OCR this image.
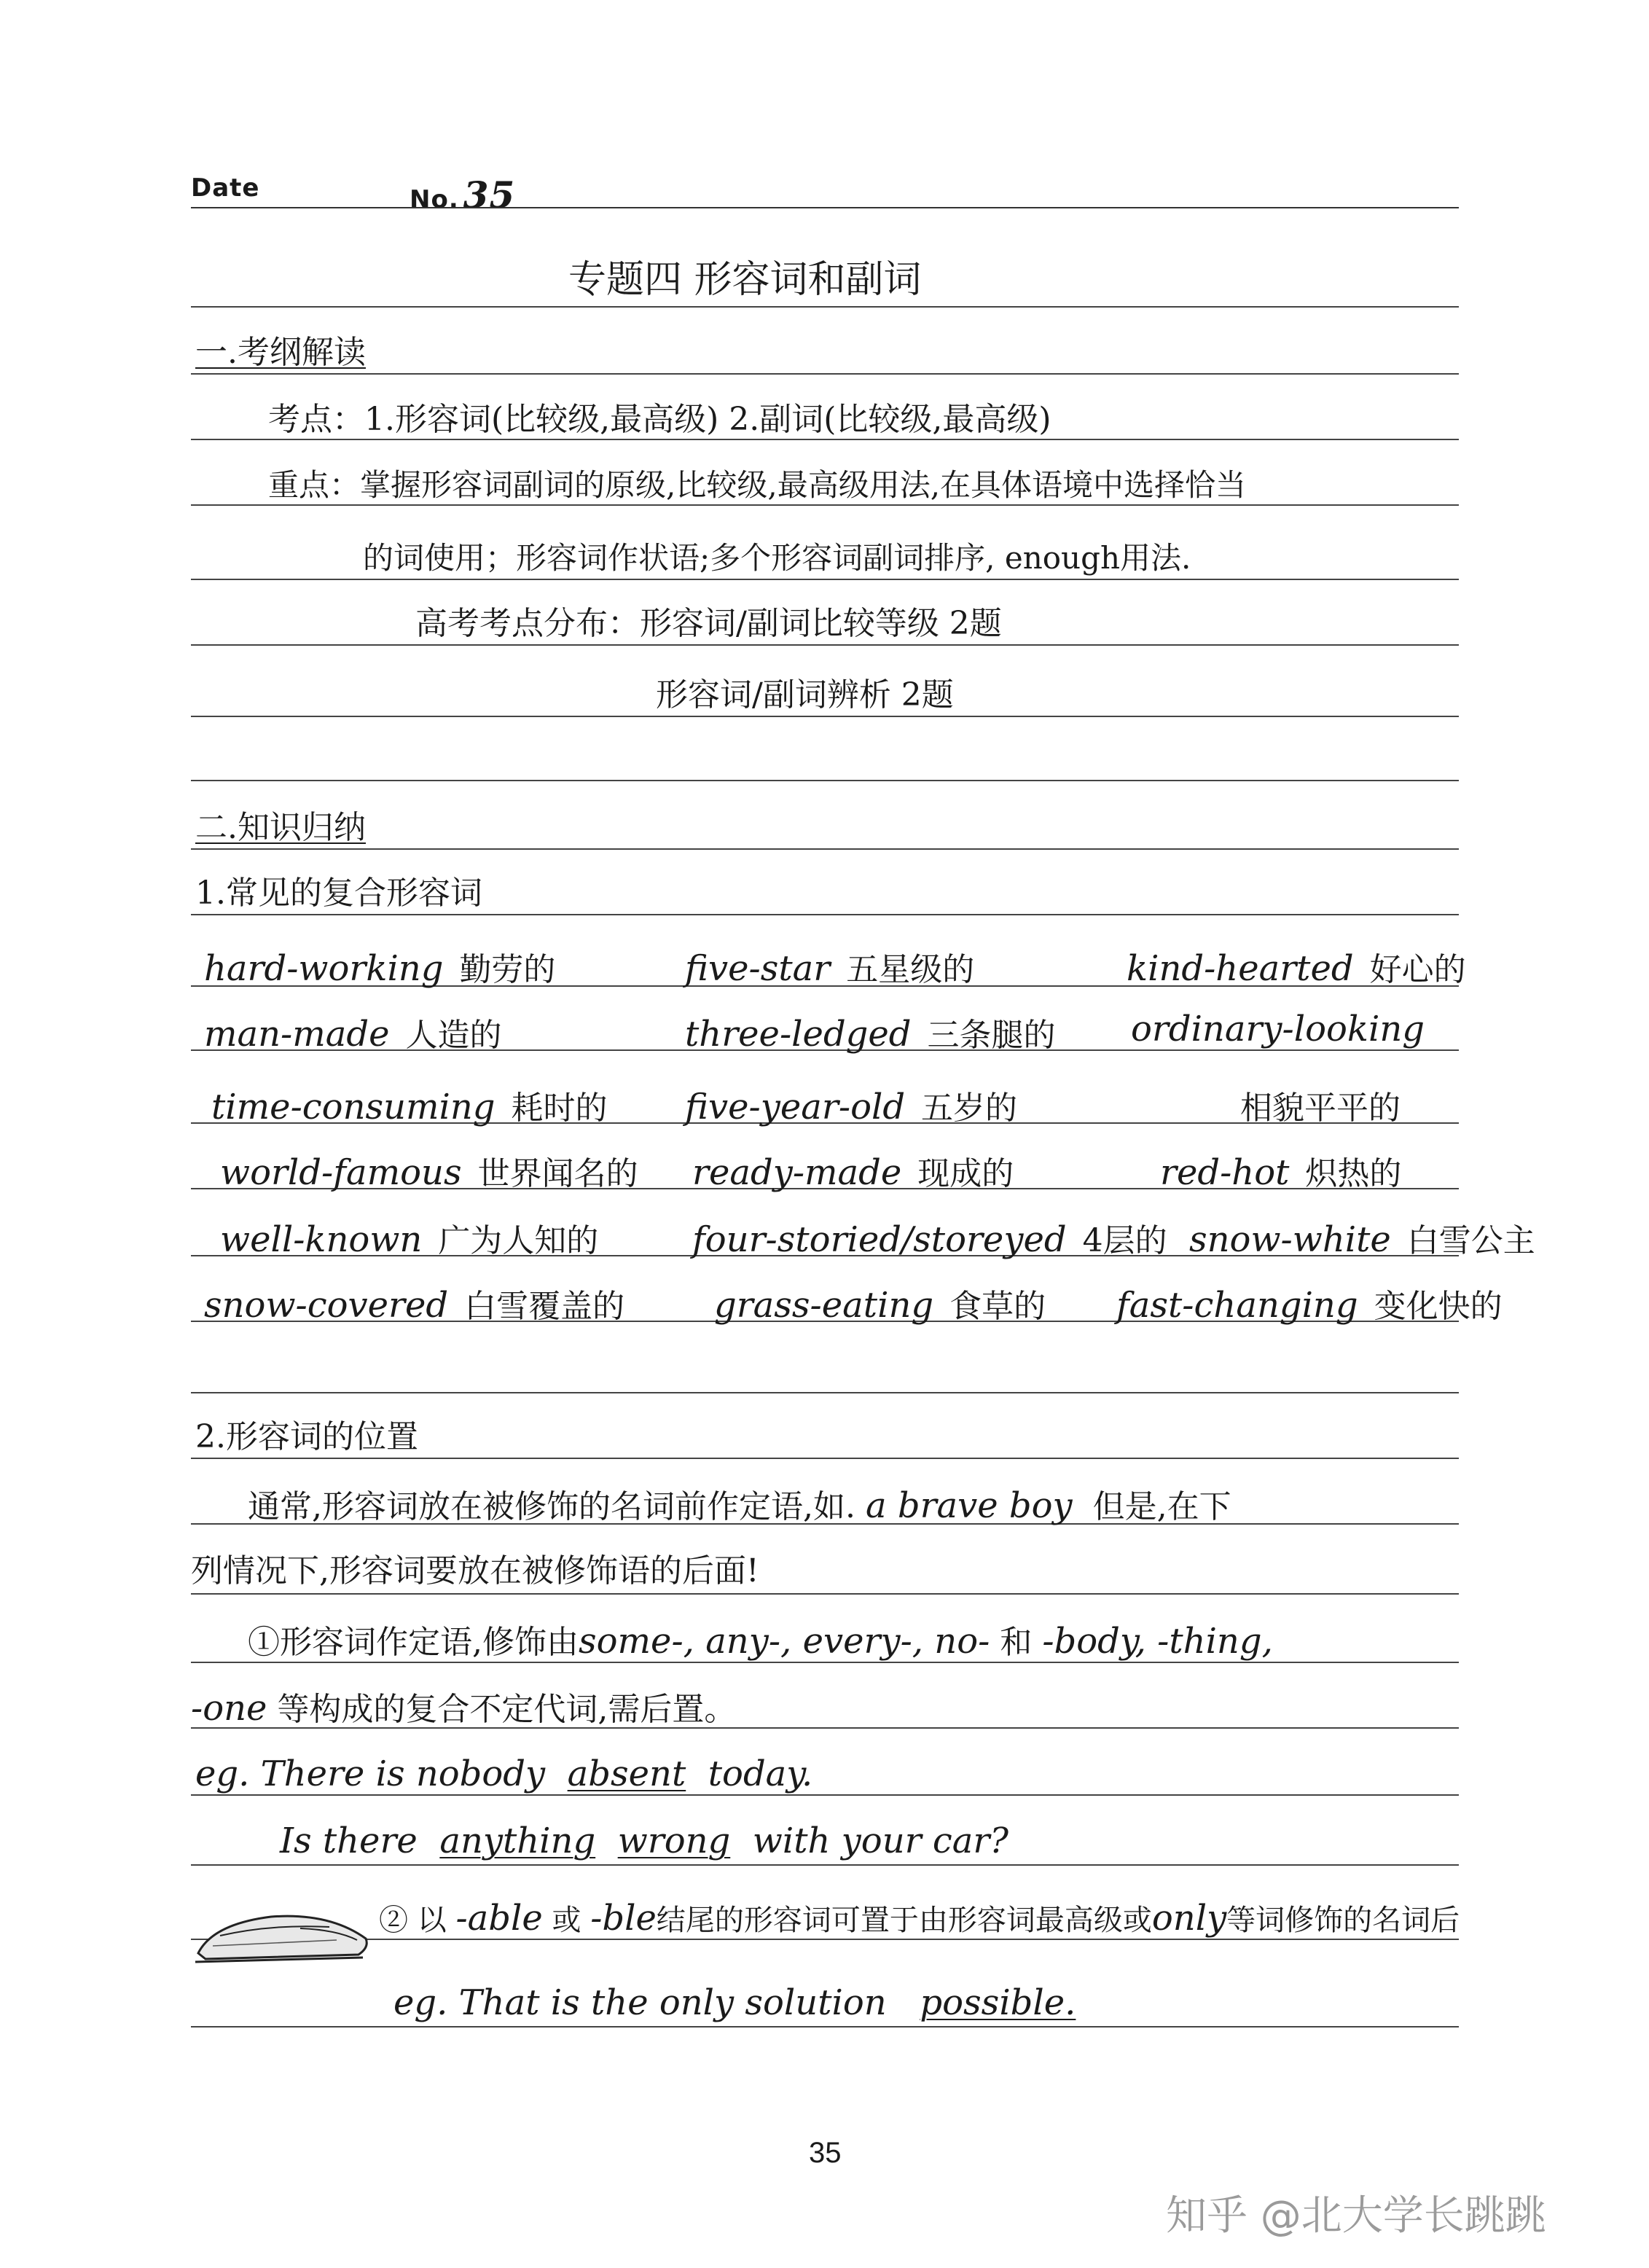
Date	No. 35
专题四 形容词和副词
一.考纲解读
考点：1.形容词(比较级,最高级) 2.副词(比较级,最高级)
重点：掌握形容词副词的原级,比较级,最高级用法,在具体语境中选择恰当
的词使用；形容词作状语;多个形容词副词排序, enough用法.
高考考点分布：形容词/副词比较等级 2题
形容词/副词辨析 2题
二.知识归纳
1.常见的复合形容词
hard-working 勤劳的	five-star 五星级的	kind-hearted 好心的
man-made 人造的	three-ledged 三条腿的 ordinary-looking
time-consuming 耗时的 five-year-old 五岁的	相貌平平的
world-famous 世界闻名的 ready-made 现成的	red-hot 炽热的
well-known 广为人知的	four-storied/storeyed 4层的 snow-white 白雪公主
snow-covered 白雪覆盖的	grass-eating 食草的 fast-changing 变化快的
2.形容词的位置
通常,形容词放在被修饰的名词前作定语,如. a brave boy 但是,在下
列情况下,形容词要放在被修饰语的后面!
①形容词作定语,修饰由some-, any-, every-, no- 和 -body, -thing,
-one 等构成的复合不定代词,需后置。
eg. There is nobody absent today.
Is there anything wrong with your car?
② 以 -able 或 -ble结尾的形容词可置于由形容词最高级或only等词修饰的名词后
eg. That is the only solution possible.
35
知乎 @北大学长跳跳
